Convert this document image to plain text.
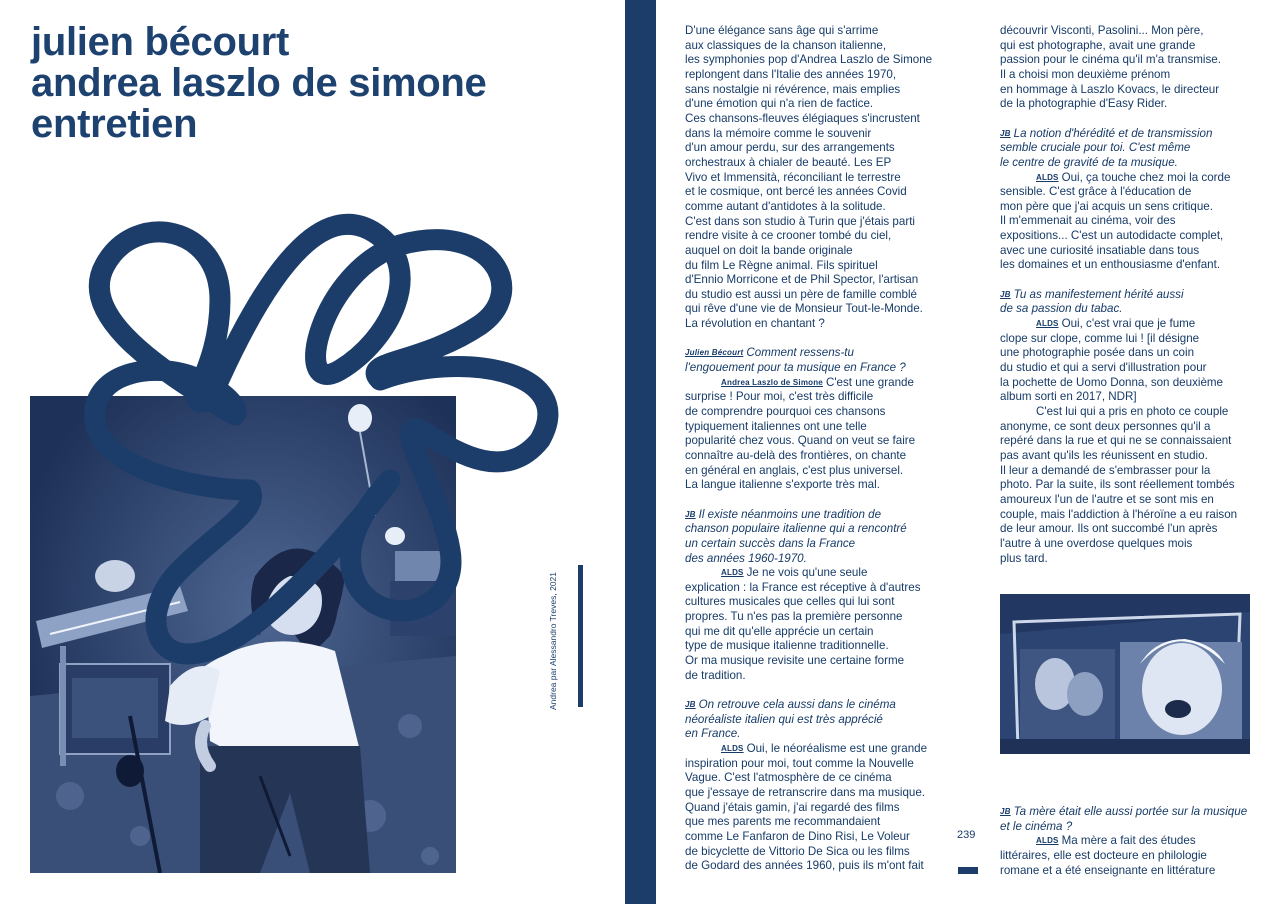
julien bécourt
andrea laszlo de simone
entretien
Andrea par Alessandro Treves, 2021

D'une élégance sans âge qui s'arrime

aux classiques de la chanson italienne,

les symphonies pop d'Andrea Laszlo de Simone

replongent dans l'Italie des années 1970,

sans nostalgie ni révérence, mais emplies

d'une émotion qui n'a rien de factice.

Ces chansons-fleuves élégiaques s'incrustent

dans la mémoire comme le souvenir

d'un amour perdu, sur des arrangements

orchestraux à chialer de beauté. Les EP

Vivo et Immensità, réconciliant le terrestre

et le cosmique, ont bercé les années Covid

comme autant d'antidotes à la solitude.

C'est dans son studio à Turin que j'étais parti

rendre visite à ce crooner tombé du ciel,

auquel on doit la bande originale

du film Le Règne animal. Fils spirituel

d'Ennio Morricone et de Phil Spector, l'artisan

du studio est aussi un père de famille comblé

qui rêve d'une vie de Monsieur Tout-le-Monde.

La révolution en chantant ?

Julien Bécourt Comment ressens-tu

l'engouement pour ta musique en France ?

Andrea Laszlo de Simone C'est une grande

surprise ! Pour moi, c'est très difficile

de comprendre pourquoi ces chansons

typiquement italiennes ont une telle

popularité chez vous. Quand on veut se faire

connaître au-delà des frontières, on chante

en général en anglais, c'est plus universel.

La langue italienne s'exporte très mal.

JB Il existe néanmoins une tradition de

chanson populaire italienne qui a rencontré

un certain succès dans la France

des années 1960-1970.

ALDS Je ne vois qu'une seule

explication : la France est réceptive à d'autres

cultures musicales que celles qui lui sont

propres. Tu n'es pas la première personne

qui me dit qu'elle apprécie un certain

type de musique italienne traditionnelle.

Or ma musique revisite une certaine forme

de tradition.

JB On retrouve cela aussi dans le cinéma

néoréaliste italien qui est très apprécié

en France.

ALDS Oui, le néoréalisme est une grande

inspiration pour moi, tout comme la Nouvelle

Vague. C'est l'atmosphère de ce cinéma

que j'essaye de retranscrire dans ma musique.

Quand j'étais gamin, j'ai regardé des films

que mes parents me recommandaient

comme Le Fanfaron de Dino Risi, Le Voleur

de bicyclette de Vittorio De Sica ou les films

de Godard des années 1960, puis ils m'ont fait

239

découvrir Visconti, Pasolini... Mon père,

qui est photographe, avait une grande

passion pour le cinéma qu'il m'a transmise.

Il a choisi mon deuxième prénom

en hommage à Laszlo Kovacs, le directeur

de la photographie d'Easy Rider.

JB La notion d'hérédité et de transmission

semble cruciale pour toi. C'est même

le centre de gravité de ta musique.

ALDS Oui, ça touche chez moi la corde

sensible. C'est grâce à l'éducation de

mon père que j'ai acquis un sens critique.

Il m'emmenait au cinéma, voir des

expositions... C'est un autodidacte complet,

avec une curiosité insatiable dans tous

les domaines et un enthousiasme d'enfant.

JB Tu as manifestement hérité aussi

de sa passion du tabac.

ALDS Oui, c'est vrai que je fume

clope sur clope, comme lui ! [il désigne

une photographie posée dans un coin

du studio et qui a servi d'illustration pour

la pochette de Uomo Donna, son deuxième

album sorti en 2017, NDR]

C'est lui qui a pris en photo ce couple

anonyme, ce sont deux personnes qu'il a

repéré dans la rue et qui ne se connaissaient

pas avant qu'ils les réunissent en studio.

Il leur a demandé de s'embrasser pour la

photo. Par la suite, ils sont réellement tombés

amoureux l'un de l'autre et se sont mis en

couple, mais l'addiction à l'héroïne a eu raison

de leur amour. Ils ont succombé l'un après

l'autre à une overdose quelques mois

plus tard.

JB Ta mère était elle aussi portée sur la musique

et le cinéma ?

ALDS Ma mère a fait des études

littéraires, elle est docteure en philologie

romane et a été enseignante en littérature
